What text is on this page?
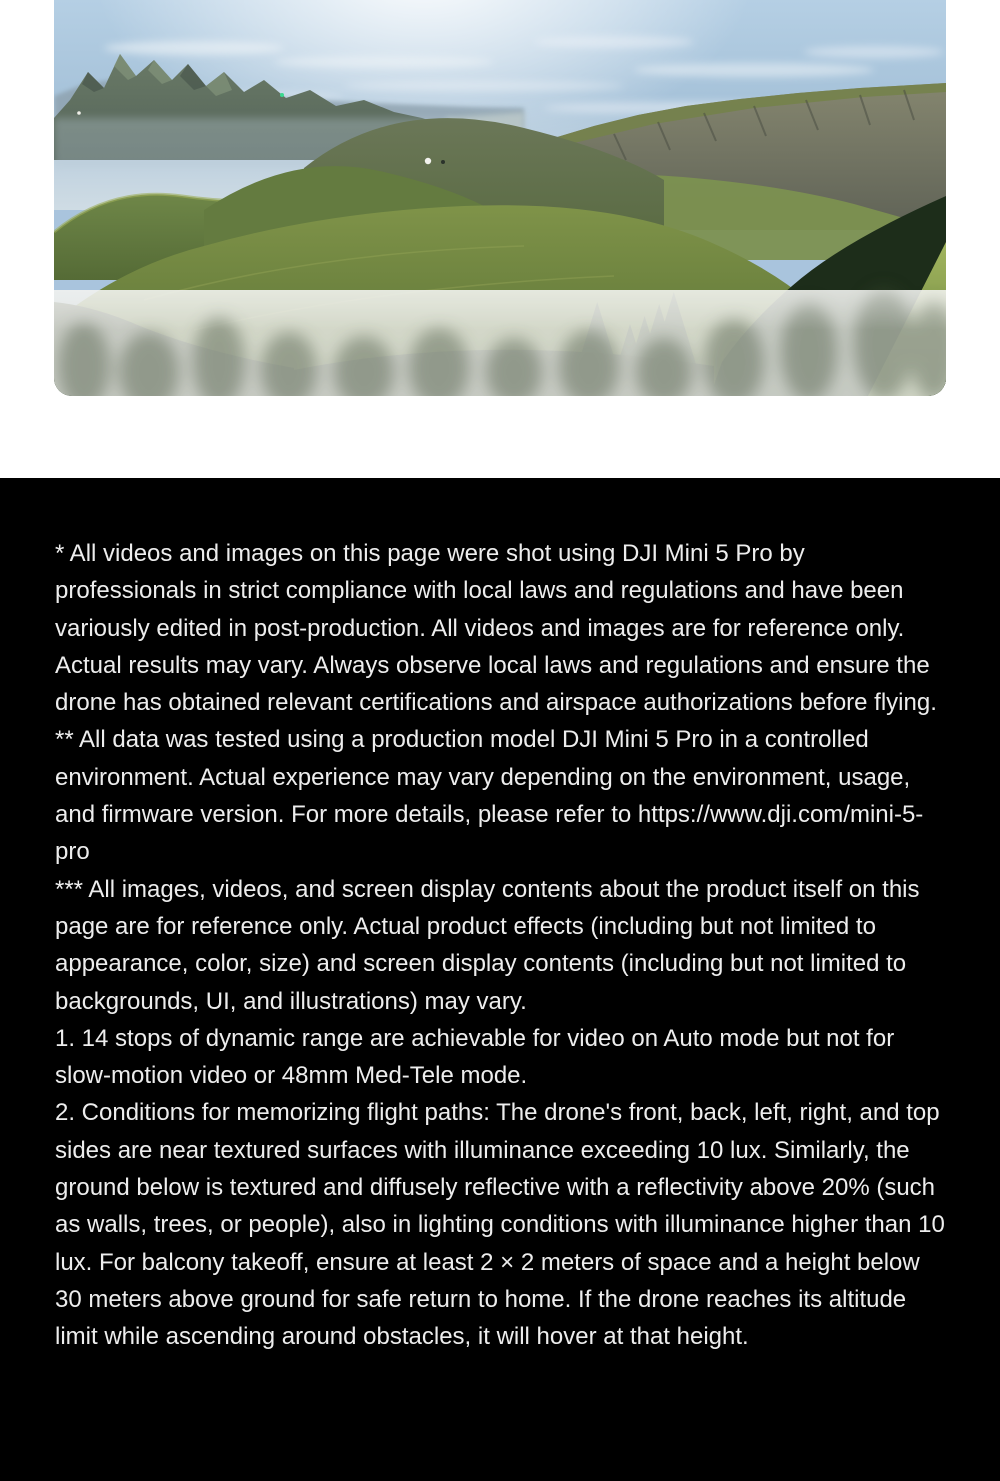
* All videos and images on this page were shot using DJI Mini 5 Pro by professionals in strict compliance with local laws and regulations and have been variously edited in post-production. All videos and images are for reference only. Actual results may vary. Always observe local laws and regulations and ensure the drone has obtained relevant certifications and airspace authorizations before flying.

** All data was tested using a production model DJI Mini 5 Pro in a controlled environment. Actual experience may vary depending on the environment, usage, and firmware version. For more details, please refer to https://www.dji.com/mini-5-pro

*** All images, videos, and screen display contents about the product itself on this page are for reference only. Actual product effects (including but not limited to appearance, color, size) and screen display contents (including but not limited to backgrounds, UI, and illustrations) may vary.

1. 14 stops of dynamic range are achievable for video on Auto mode but not for slow-motion video or 48mm Med-Tele mode.

2. Conditions for memorizing flight paths: The drone's front, back, left, right, and top sides are near textured surfaces with illuminance exceeding 10 lux. Similarly, the ground below is textured and diffusely reflective with a reflectivity above 20% (such as walls, trees, or people), also in lighting conditions with illuminance higher than 10 lux. For balcony takeoff, ensure at least 2 × 2 meters of space and a height below 30 meters above ground for safe return to home. If the drone reaches its altitude limit while ascending around obstacles, it will hover at that height.
